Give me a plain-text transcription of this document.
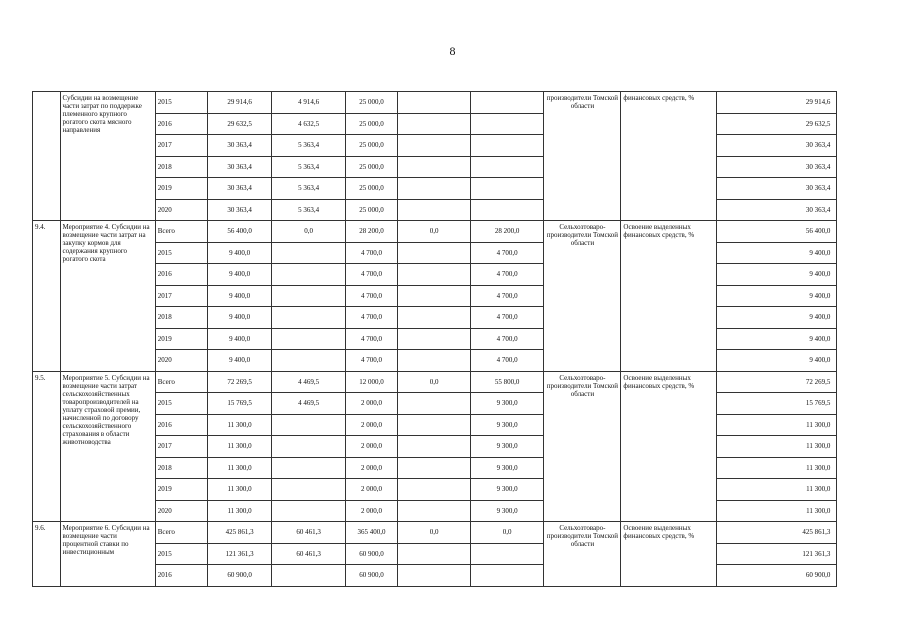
8
	Субсидии на возмещение части затрат по поддержке племенного крупного рогатого скота мясного направления	2015	29 914,6	4 914,6	25 000,0			производители Томской области	финансовых средств, %	29 914,6
		2016	29 632,5	4 632,5	25 000,0					29 632,5
		2017	30 363,4	5 363,4	25 000,0					30 363,4
		2018	30 363,4	5 363,4	25 000,0					30 363,4
		2019	30 363,4	5 363,4	25 000,0					30 363,4
		2020	30 363,4	5 363,4	25 000,0					30 363,4
9.4.	Мероприятие 4. Субсидии на возмещение части затрат на закупку кормов для содержания крупного рогатого скота	Всего	56 400,0	0,0	28 200,0	0,0	28 200,0	Сельхозтоваро- производители Томской области	Освоение выделенных финансовых средств, %	56 400,0
		2015	9 400,0		4 700,0		4 700,0			9 400,0
		2016	9 400,0		4 700,0		4 700,0			9 400,0
		2017	9 400,0		4 700,0		4 700,0			9 400,0
		2018	9 400,0		4 700,0		4 700,0			9 400,0
		2019	9 400,0		4 700,0		4 700,0			9 400,0
		2020	9 400,0		4 700,0		4 700,0			9 400,0
9.5.	Мероприятие 5. Субсидии на возмещение части затрат сельскохозяйственных товаропроизводителей на уплату страховой премии, начисленной по договору сельскохозяйственного страхования в области животноводства	Всего	72 269,5	4 469,5	12 000,0	0,0	55 800,0	Сельхозтоваро- производители Томской области	Освоение выделенных финансовых средств, %	72 269,5
		2015	15 769,5	4 469,5	2 000,0		9 300,0			15 769,5
		2016	11 300,0		2 000,0		9 300,0			11 300,0
		2017	11 300,0		2 000,0		9 300,0			11 300,0
		2018	11 300,0		2 000,0		9 300,0			11 300,0
		2019	11 300,0		2 000,0		9 300,0			11 300,0
		2020	11 300,0		2 000,0		9 300,0			11 300,0
9.6.	Мероприятие 6. Субсидии на возмещение части процентной ставки по инвестиционным	Всего	425 861,3	60 461,3	365 400,0	0,0	0,0	Сельхозтоваро- производители Томской области	Освоение выделенных финансовых средств, %	425 861,3
		2015	121 361,3	60 461,3	60 900,0					121 361,3
		2016	60 900,0		60 900,0					60 900,0
